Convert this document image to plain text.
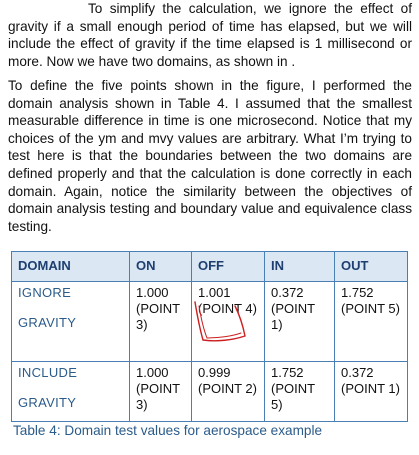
To simplify the calculation, we ignore the effect of gravity if a small enough period of time has elapsed, but we will include the effect of gravity if the time elapsed is 1 millisecond or more. Now we have two domains, as shown in .

To define the five points shown in the figure, I performed the domain analysis shown in Table 4. I assumed that the smallest measurable difference in time is one microsecond. Notice that my choices of the ym and mvy values are arbitrary. What I’m trying to test here is that the boundaries between the two domains are defined properly and that the calculation is done correctly in each domain. Again, notice the similarity between the objectives of domain analysis testing and boundary value and equivalence class testing.

DOMAIN	ON	OFF	IN	OUT

IGNORE
GRAVITY	1.000 (POINT 3)	1.001 (POINT 4)	0.372 (POINT 1)	1.752 (POINT 5)

INCLUDE
GRAVITY	1.000 (POINT 3)	0.999 (POINT 2)	1.752 (POINT 5)	0.372 (POINT 1)

Table 4: Domain test values for aerospace example
